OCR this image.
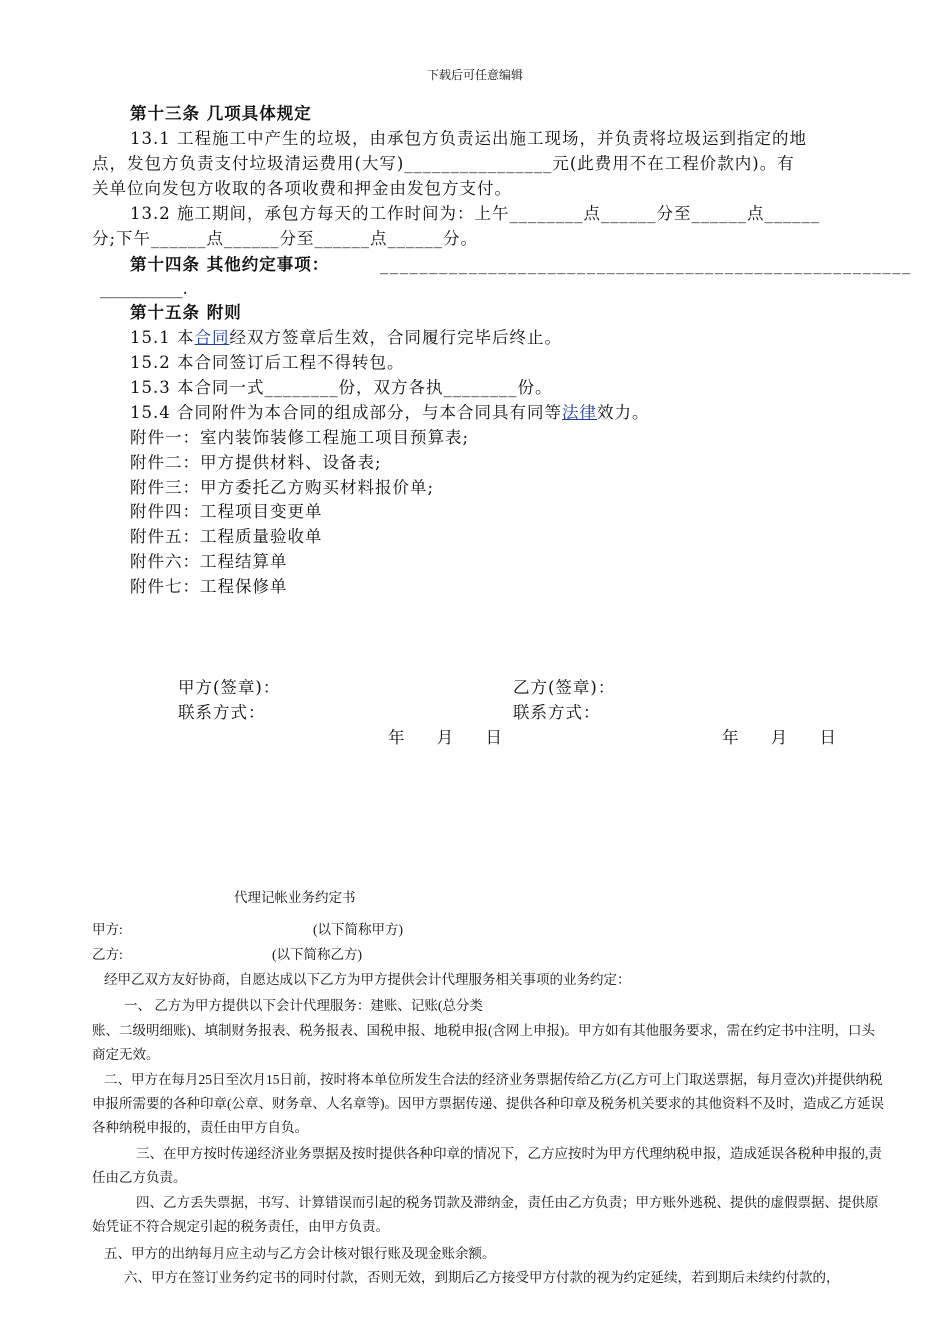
下载后可任意编辑
第十三条 几项具体规定
13.1 工程施工中产生的垃圾，由承包方负责运出施工现场，并负责将垃圾运到指定的地
点，发包方负责支付垃圾清运费用(大写)________________元(此费用不在工程价款内)。有
关单位向发包方收取的各项收费和押金由发包方支付。
13.2 施工期间，承包方每天的工作时间为：上午________点______分至______点______
分;下午______点______分至______点______分。
第十四条 其他约定事项：	______________________________________________________
__________.
第十五条 附则
15.1 本合同经双方签章后生效，合同履行完毕后终止。
15.2 本合同签订后工程不得转包。
15.3 本合同一式________份，双方各执________份。
15.4 合同附件为本合同的组成部分，与本合同具有同等法律效力。
附件一：室内装饰装修工程施工项目预算表;
附件二：甲方提供材料、设备表;
附件三：甲方委托乙方购买材料报价单;
附件四：工程项目变更单
附件五：工程质量验收单
附件六：工程结算单
附件七：工程保修单
甲方(签章)：	乙方(签章)：
联系方式：	联系方式：
年     月     日	年     月     日
代理记帐业务约定书
甲方:	(以下简称甲方)
乙方:	(以下简称乙方)
经甲乙双方友好协商，自愿达成以下乙方为甲方提供会计代理服务相关事项的业务约定：
一、 乙方为甲方提供以下会计代理服务：建账、记账(总分类
账、二级明细账)、填制财务报表、税务报表、国税申报、地税申报(含网上申报)。甲方如有其他服务要求，需在约定书中注明，口头商定无效。
二、甲方在每月25日至次月15日前，按时将本单位所发生合法的经济业务票据传给乙方(乙方可上门取送票据，每月壹次)并提供纳税申报所需要的各种印章(公章、财务章、人名章等)。因甲方票据传递、提供各种印章及税务机关要求的其他资料不及时，造成乙方延误各种纳税申报的，责任由甲方自负。
三、在甲方按时传递经济业务票据及按时提供各种印章的情况下，乙方应按时为甲方代理纳税申报，造成延误各税种申报的,责任由乙方负责。
四、乙方丢失票据，书写、计算错误而引起的税务罚款及滞纳金，责任由乙方负责；甲方账外逃税、提供的虚假票据、提供原始凭证不符合规定引起的税务责任，由甲方负责。
五、甲方的出纳每月应主动与乙方会计核对银行账及现金账余额。
六、甲方在签订业务约定书的同时付款，否则无效，到期后乙方接受甲方付款的视为约定延续，若到期后未续约付款的，
